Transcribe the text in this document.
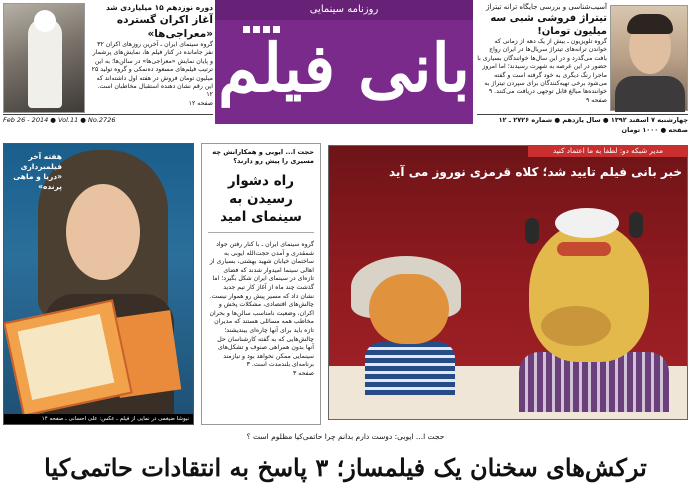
دوره نوزدهم ۱۵ میلیاردی شد
آغاز اکران گسترده «معراجی‌ها»
گروه سینمای ایران ـ آخرین روزهای اکران ۳۲ نفر جامانده در کنار فیلم ها، نمایش‌های پرشمار و پایان نمایش «معراجی‌ها» در سالن‌ها؛ به این ترتیب فیلم‌های مسعود ده‌نمکی و گروه تولید ۲۵ میلیون تومان فروش در هفته اول داشته‌اند که این رقم نشان دهنده استقبال مخاطبان است. ۱۲
صفحه ۱۲
روزنامه سینمایی
بانی فیلم
آسیب‌شناسی و بررسی جایگاه ترانه تیتراژ
تیتراژ فروشی شبی سه میلیون تومان!
گروه تلویزیون ـ بیش از یک دهه از زمانی که خواندن ترانه‌های تیتراژ سریال‌ها در ایران رواج یافت می‌گذرد و در این سال‌ها خوانندگان بسیاری با حضور در این عرصه به شهرت رسیدند؛ اما امروز ماجرا رنگ دیگری به خود گرفته است و گفته می‌شود برخی تهیه‌کنندگان برای سپردن تیتراژ به خواننده‌ها مبالغ قابل توجهی دریافت می‌کنند. ۹
صفحه ۹
Feb 26 - 2014 ● Vol.11 ● No.2726	چهارشنبه ۷ اسفند ۱۳۹۲ ● سال یازدهم ● شماره ۲۷۲۶ ـ ۱۲ صفحه ● ۱۰۰۰ تومان
هفته آخر فیلمبرداری «دریا و ماهی پرنده»
نیوشا ضیغمی در نمایی از فیلم ـ عکس: علی احسانی ـ صفحه ۱۴
حجت ا... ایوبی و همکارانش چه مسیری را پیش رو دارند؟
راه دشوار رسیدن به سینمای امید
گروه سینمای ایران ـ با کنار رفتن جواد شمقدری و آمدن حجت‌الله ایوبی به ساختمان خیابان شهید بهشتی، بسیاری از اهالی سینما امیدوار شدند که فضای تازه‌ای در سینمای ایران شکل بگیرد؛ اما گذشت چند ماه از آغاز کار تیم جدید نشان داد که مسیر پیش رو هموار نیست. چالش‌های اقتصادی، مشکلات پخش و اکران، وضعیت نامناسب سالن‌ها و بحران مخاطب همه مسائلی هستند که مدیران تازه باید برای آنها چاره‌ای بیندیشند؛ چالش‌هایی که به گفته کارشناسان حل آنها بدون همراهی صنوف و تشکل‌های سینمایی ممکن نخواهد بود و نیازمند برنامه‌ای بلندمدت است. ۳
صفحه ۳
مدیر شبکه دو: لطفا به ما اعتماد کنید
خبر بانی فیلم تایید شد؛ کلاه قرمزی نوروز می آید
حجت ا... ایوبی: دوست دارم بدانم چرا حاتمی‌کیا مظلوم است ؟
ترکش‌های سخنان یک فیلمساز؛ ۳ پاسخ به انتقادات حاتمی‌کیا
